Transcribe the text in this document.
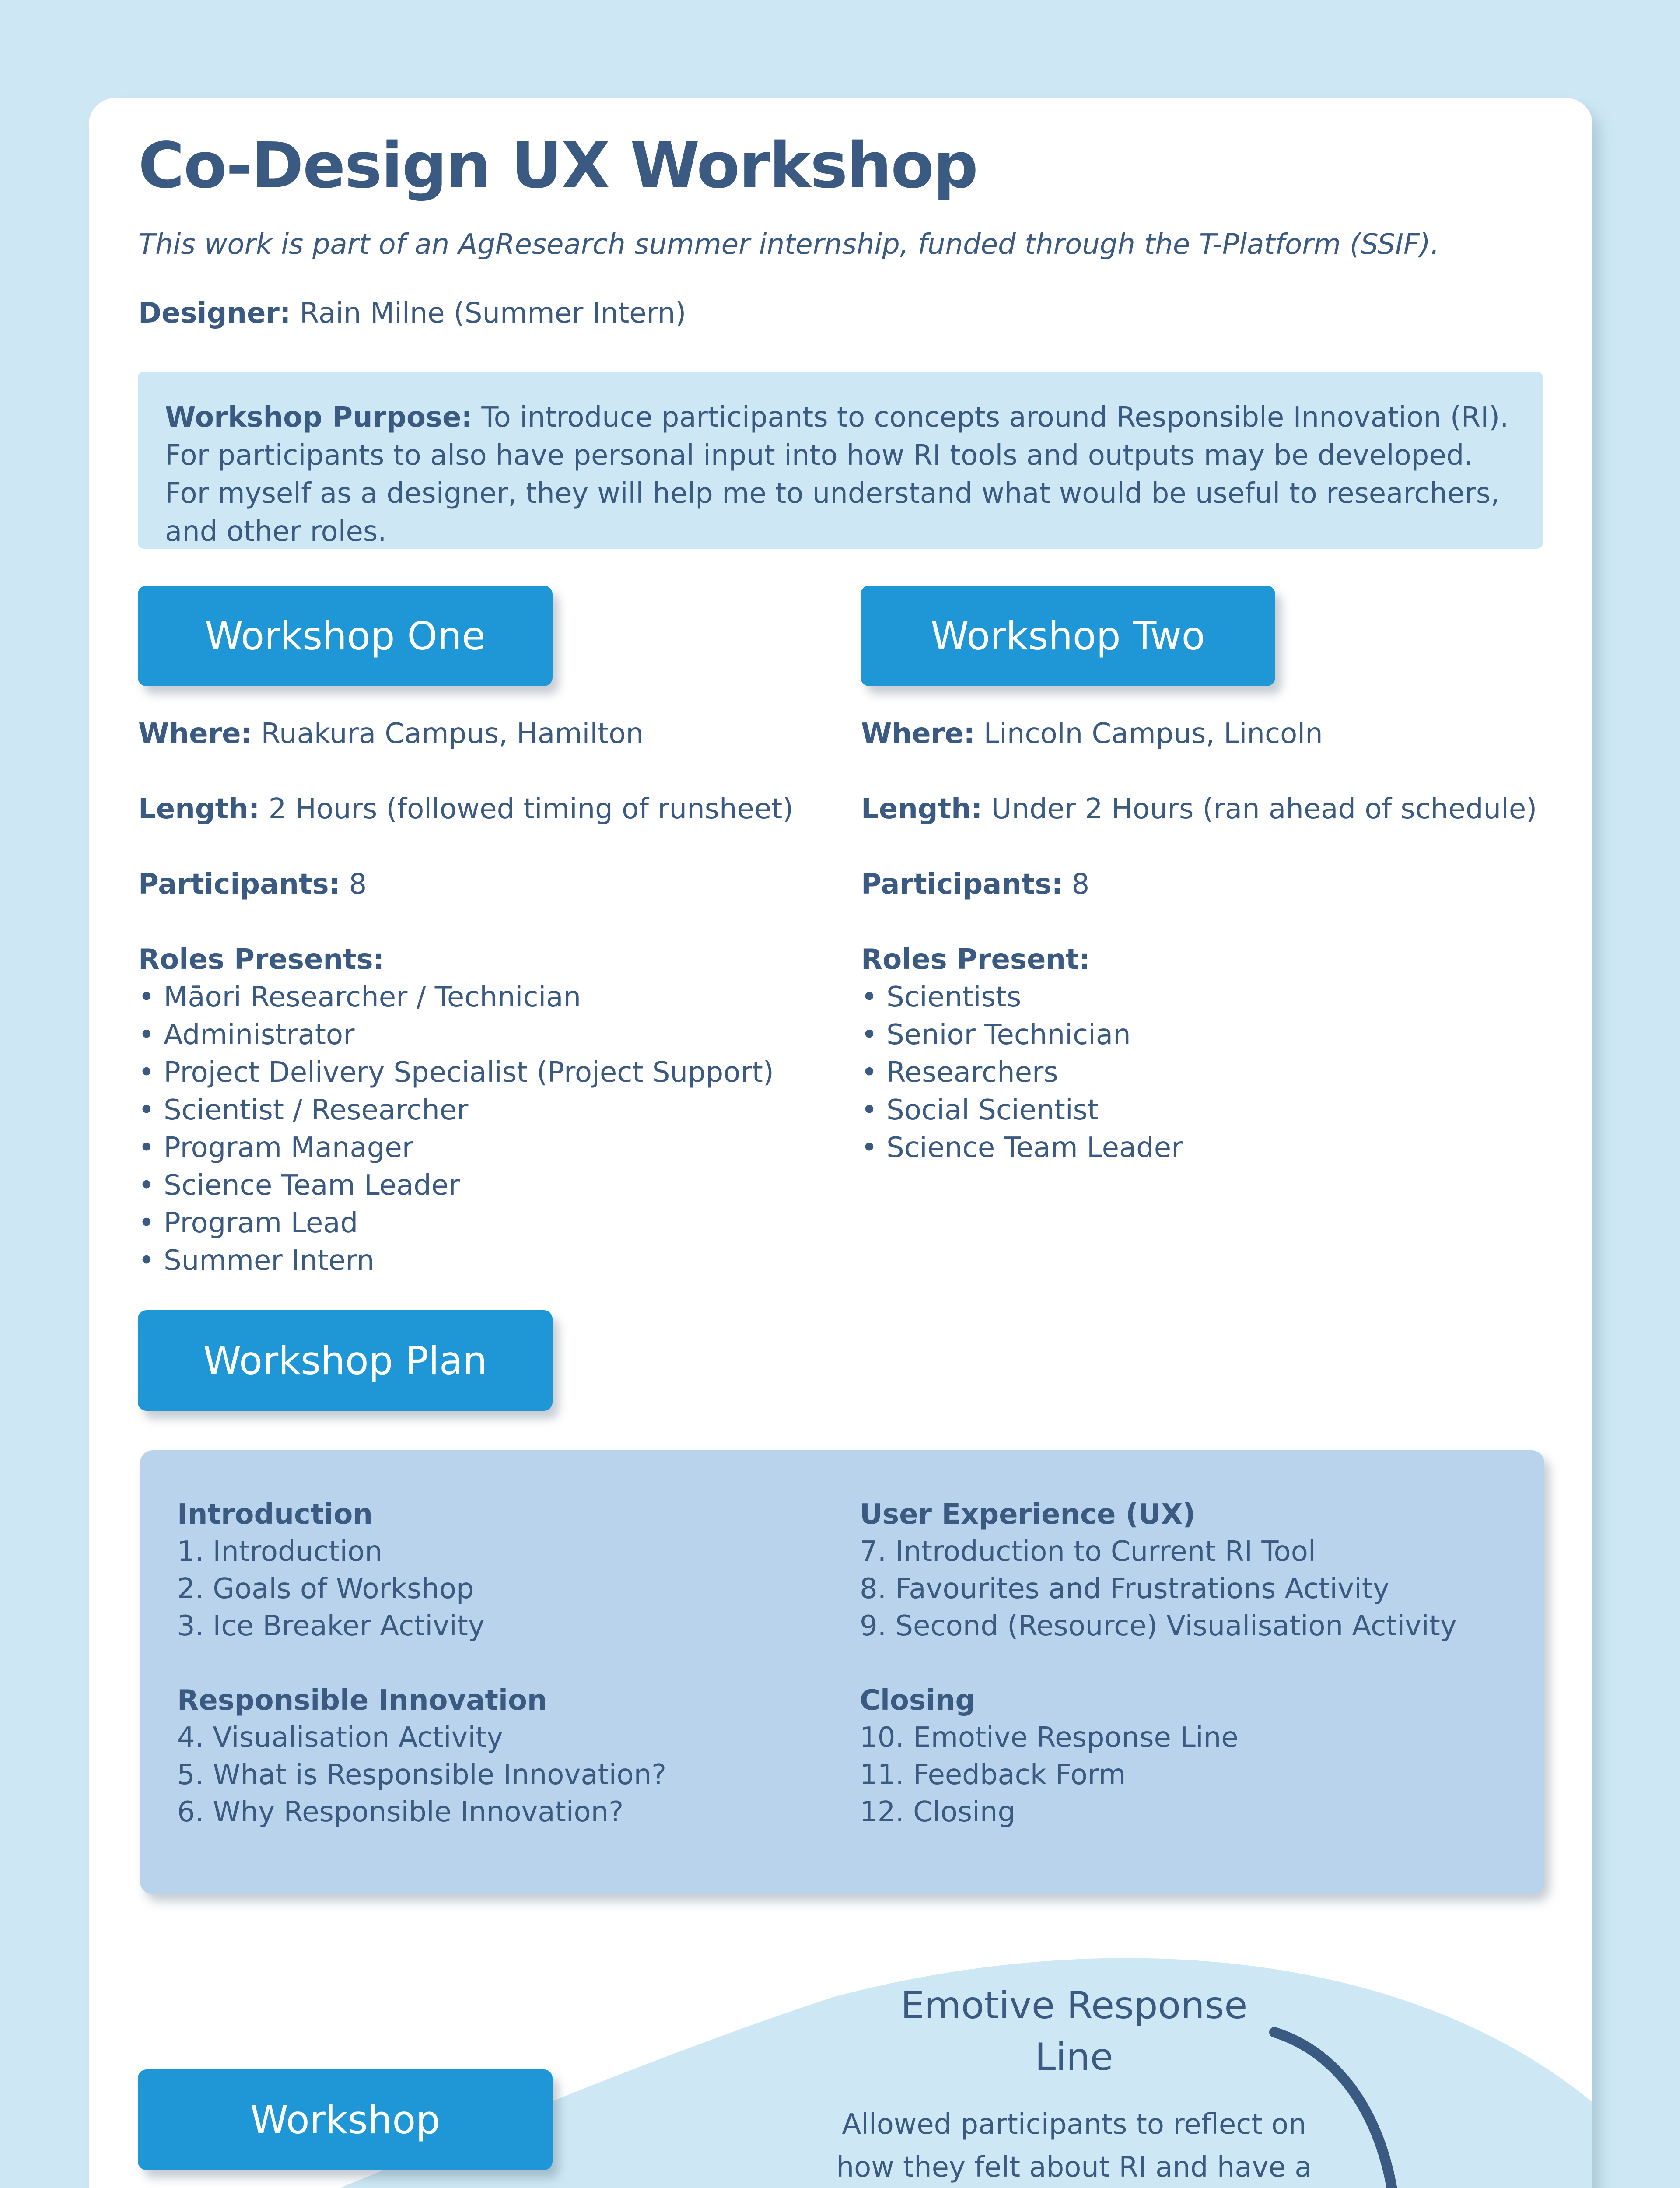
Co-Design UX Workshop
This work is part of an AgResearch summer internship, funded through the T-Platform (SSIF).
Designer: Rain Milne (Summer Intern)
Workshop Purpose: To introduce participants to concepts around Responsible Innovation (RI). For participants to also have personal input into how RI tools and outputs may be developed. For myself as a designer, they will help me to understand what would be useful to researchers, and other roles.
Workshop One

Where: Ruakura Campus, Hamilton

Length: 2 Hours (followed timing of runsheet)

Participants: 8

Roles Presents:

• Māori Researcher / Technician

• Administrator

• Project Delivery Specialist (Project Support)

• Scientist / Researcher

• Program Manager

• Science Team Leader

• Program Lead

• Summer Intern

Workshop Two

Where: Lincoln Campus, Lincoln

Length: Under 2 Hours (ran ahead of schedule)

Participants: 8

Roles Present:

• Scientists

• Senior Technician

• Researchers

• Social Scientist

• Science Team Leader

Workshop Plan

Introduction

1. Introduction

2. Goals of Workshop

3. Ice Breaker Activity

Responsible Innovation

4. Visualisation Activity

5. What is Responsible Innovation?

6. Why Responsible Innovation?

User Experience (UX)

7. Introduction to Current RI Tool

8. Favourites and Frustrations Activity

9. Second (Resource) Visualisation Activity

Closing

10. Emotive Response Line

11. Feedback Form

12. Closing

Workshop
Emotive Response
Line
Allowed participants to reflect on
how they felt about RI and have a
